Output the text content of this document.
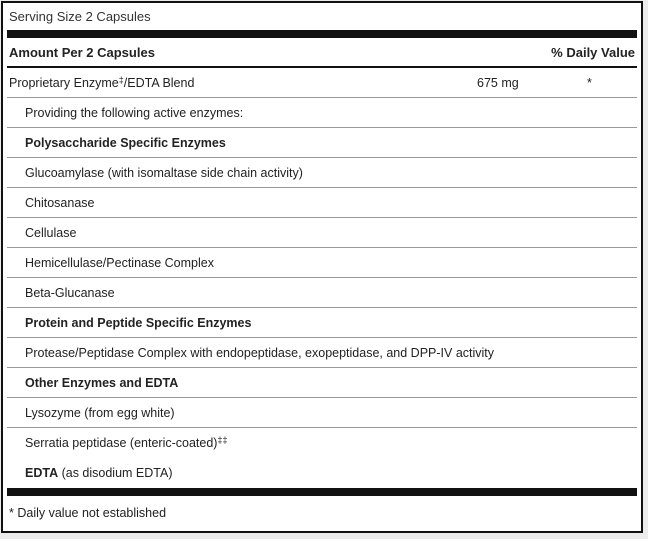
Serving Size 2 Capsules
Amount Per 2 Capsules	% Daily Value
Proprietary Enzyme‡/EDTA Blend	675 mg	*
Providing the following active enzymes:
Polysaccharide Specific Enzymes
Glucoamylase (with isomaltase side chain activity)
Chitosanase
Cellulase
Hemicellulase/Pectinase Complex
Beta-Glucanase
Protein and Peptide Specific Enzymes
Protease/Peptidase Complex with endopeptidase, exopeptidase, and DPP-IV activity
Other Enzymes and EDTA
Lysozyme (from egg white)
Serratia peptidase (enteric-coated)‡‡
EDTA (as disodium EDTA)
* Daily value not established
